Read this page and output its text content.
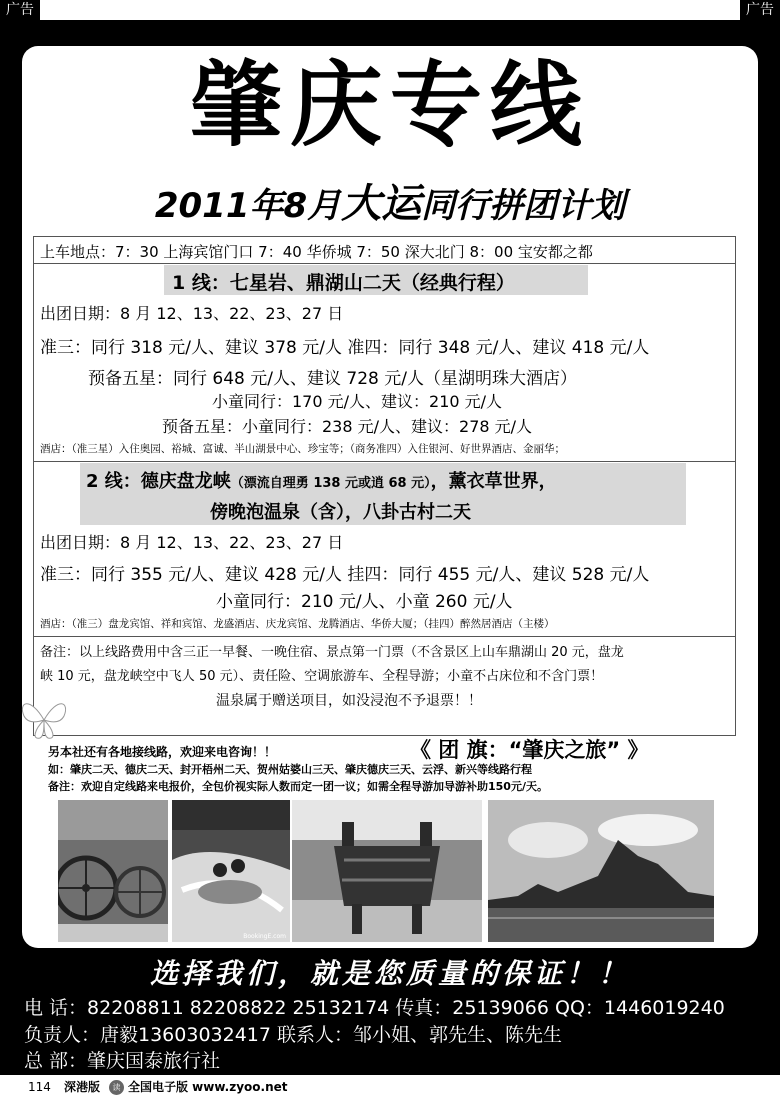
广告	广告
肇庆专线
2011年8月大运同行拼团计划
上车地点：7：30 上海宾馆门口 7：40 华侨城 7：50 深大北门 8：00 宝安都之都
1 线：七星岩、鼎湖山二天（经典行程）
出团日期：8 月 12、13、22、23、27 日
准三：同行 318 元/人、建议 378 元/人 准四：同行 348 元/人、建议 418 元/人
预备五星：同行 648 元/人、建议 728 元/人（星湖明珠大酒店）
小童同行：170 元/人、建议：210 元/人
预备五星：小童同行：238 元/人、建议：278 元/人
酒店：（准三星）入住奥园、裕城、富诚、半山湖景中心、珍宝等；（商务准四）入住银河、好世界酒店、金丽华；
2 线：德庆盘龙峡（漂流自理勇 138 元或逍 68 元），薰衣草世界，
傍晚泡温泉（含），八卦古村二天
出团日期：8 月 12、13、22、23、27 日
准三：同行 355 元/人、建议 428 元/人 挂四：同行 455 元/人、建议 528 元/人
小童同行：210 元/人、小童 260 元/人
酒店：（准三）盘龙宾馆、祥和宾馆、龙盛酒店、庆龙宾馆、龙腾酒店、华侨大厦；（挂四）醉然居酒店（主楼）
备注：以上线路费用中含三正一早餐、一晚住宿、景点第一门票（不含景区上山车鼎湖山 20 元，盘龙
峡 10 元，盘龙峡空中飞人 50 元）、责任险、空调旅游车、全程导游；小童不占床位和不含门票！
温泉属于赠送项目，如没浸泡不予退票！！
另本社还有各地接线路，欢迎来电咨询！！	《 团 旗：“肇庆之旅” 》
如：肇庆二天、德庆二天、封开梧州二天、贺州姑婆山三天、肇庆德庆三天、云浮、新兴等线路行程
备注：欢迎自定线路来电报价，全包价视实际人数而定一团一议；如需全程导游加导游补助150元/天。
BookingE.com
选择我们，就是您质量的保证！！
电 话：82208811 82208822 25132174 传真：25139066 QQ：1446019240
负责人：唐毅13603032417 联系人：邹小姐、郭先生、陈先生
总 部：肇庆国泰旅行社
114 深港版	读 全国电子版 www.zyoo.net
